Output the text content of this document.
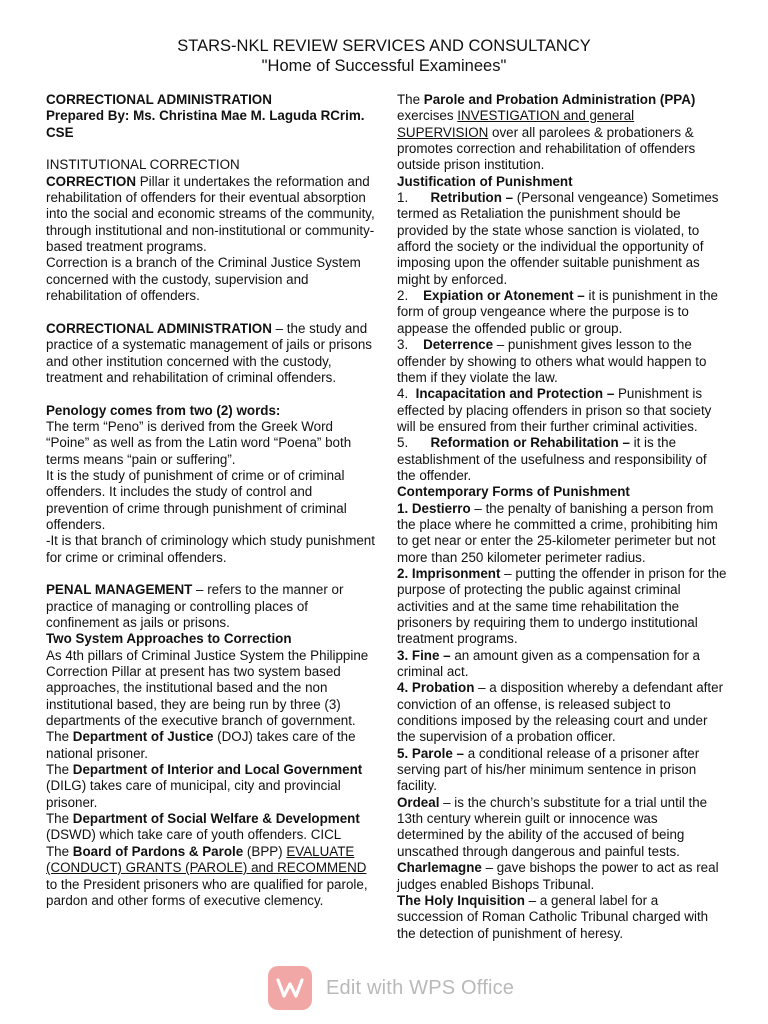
STARS-NKL REVIEW SERVICES AND CONSULTANCY
"Home of Successful Examinees"

CORRECTIONAL ADMINISTRATION

Prepared By: Ms. Christina Mae M. Laguda RCrim. CSE

INSTITUTIONAL CORRECTION

CORRECTION Pillar it undertakes the reformation and rehabilitation of offenders for their eventual absorption into the social and economic streams of the community, through institutional and non-institutional or community-based treatment programs.

Correction is a branch of the Criminal Justice System concerned with the custody, supervision and rehabilitation of offenders.

CORRECTIONAL ADMINISTRATION – the study and practice of a systematic management of jails or prisons and other institution concerned with the custody, treatment and rehabilitation of criminal offenders.

Penology comes from two (2) words:

The term “Peno” is derived from the Greek Word “Poine” as well as from the Latin word “Poena” both terms means “pain or suffering”.

It is the study of punishment of crime or of criminal offenders. It includes the study of control and prevention of crime through punishment of criminal offenders.

-It is that branch of criminology which study punishment for crime or criminal offenders.

PENAL MANAGEMENT – refers to the manner or practice of managing or controlling places of confinement as jails or prisons.

Two System Approaches to Correction

As 4th pillars of Criminal Justice System the Philippine Correction Pillar at present has two system based approaches, the institutional based and the non institutional based, they are being run by three (3) departments of the executive branch of government.

The Department of Justice (DOJ) takes care of the national prisoner.

The Department of Interior and Local Government (DILG) takes care of municipal, city and provincial prisoner.

The Department of Social Welfare & Development (DSWD) which take care of youth offenders. CICL

The Board of Pardons & Parole (BPP) EVALUATE (CONDUCT) GRANTS (PAROLE) and RECOMMEND to the President prisoners who are qualified for parole, pardon and other forms of executive clemency.

The Parole and Probation Administration (PPA) exercises INVESTIGATION and general SUPERVISION over all parolees & probationers & promotes correction and rehabilitation of offenders outside prison institution.

Justification of Punishment

1.      Retribution – (Personal vengeance) Sometimes termed as Retaliation the punishment should be provided by the state whose sanction is violated, to afford the society or the individual the opportunity of imposing upon the offender suitable punishment as might by enforced.

2.    Expiation or Atonement – it is punishment in the form of group vengeance where the purpose is to appease the offended public or group.

3.    Deterrence – punishment gives lesson to the offender by showing to others what would happen to them if they violate the law.

4.  Incapacitation and Protection – Punishment is effected by placing offenders in prison so that society will be ensured from their further criminal activities.

5.      Reformation or Rehabilitation – it is the establishment of the usefulness and responsibility of the offender.

Contemporary Forms of Punishment

1. Destierro – the penalty of banishing a person from the place where he committed a crime, prohibiting him to get near or enter the 25-kilometer perimeter but not more than 250 kilometer perimeter radius.

2. Imprisonment – putting the offender in prison for the purpose of protecting the public against criminal activities and at the same time rehabilitation the prisoners by requiring them to undergo institutional treatment programs.

3. Fine – an amount given as a compensation for a criminal act.

4. Probation – a disposition whereby a defendant after conviction of an offense, is released subject to conditions imposed by the releasing court and under the supervision of a probation officer.

5. Parole – a conditional release of a prisoner after serving part of his/her minimum sentence in prison facility.

Ordeal – is the church’s substitute for a trial until the 13th century wherein guilt or innocence was determined by the ability of the accused of being unscathed through dangerous and painful tests.

Charlemagne – gave bishops the power to act as real judges enabled Bishops Tribunal.

The Holy Inquisition – a general label for a succession of Roman Catholic Tribunal charged with the detection of punishment of heresy.

Edit with WPS Office
